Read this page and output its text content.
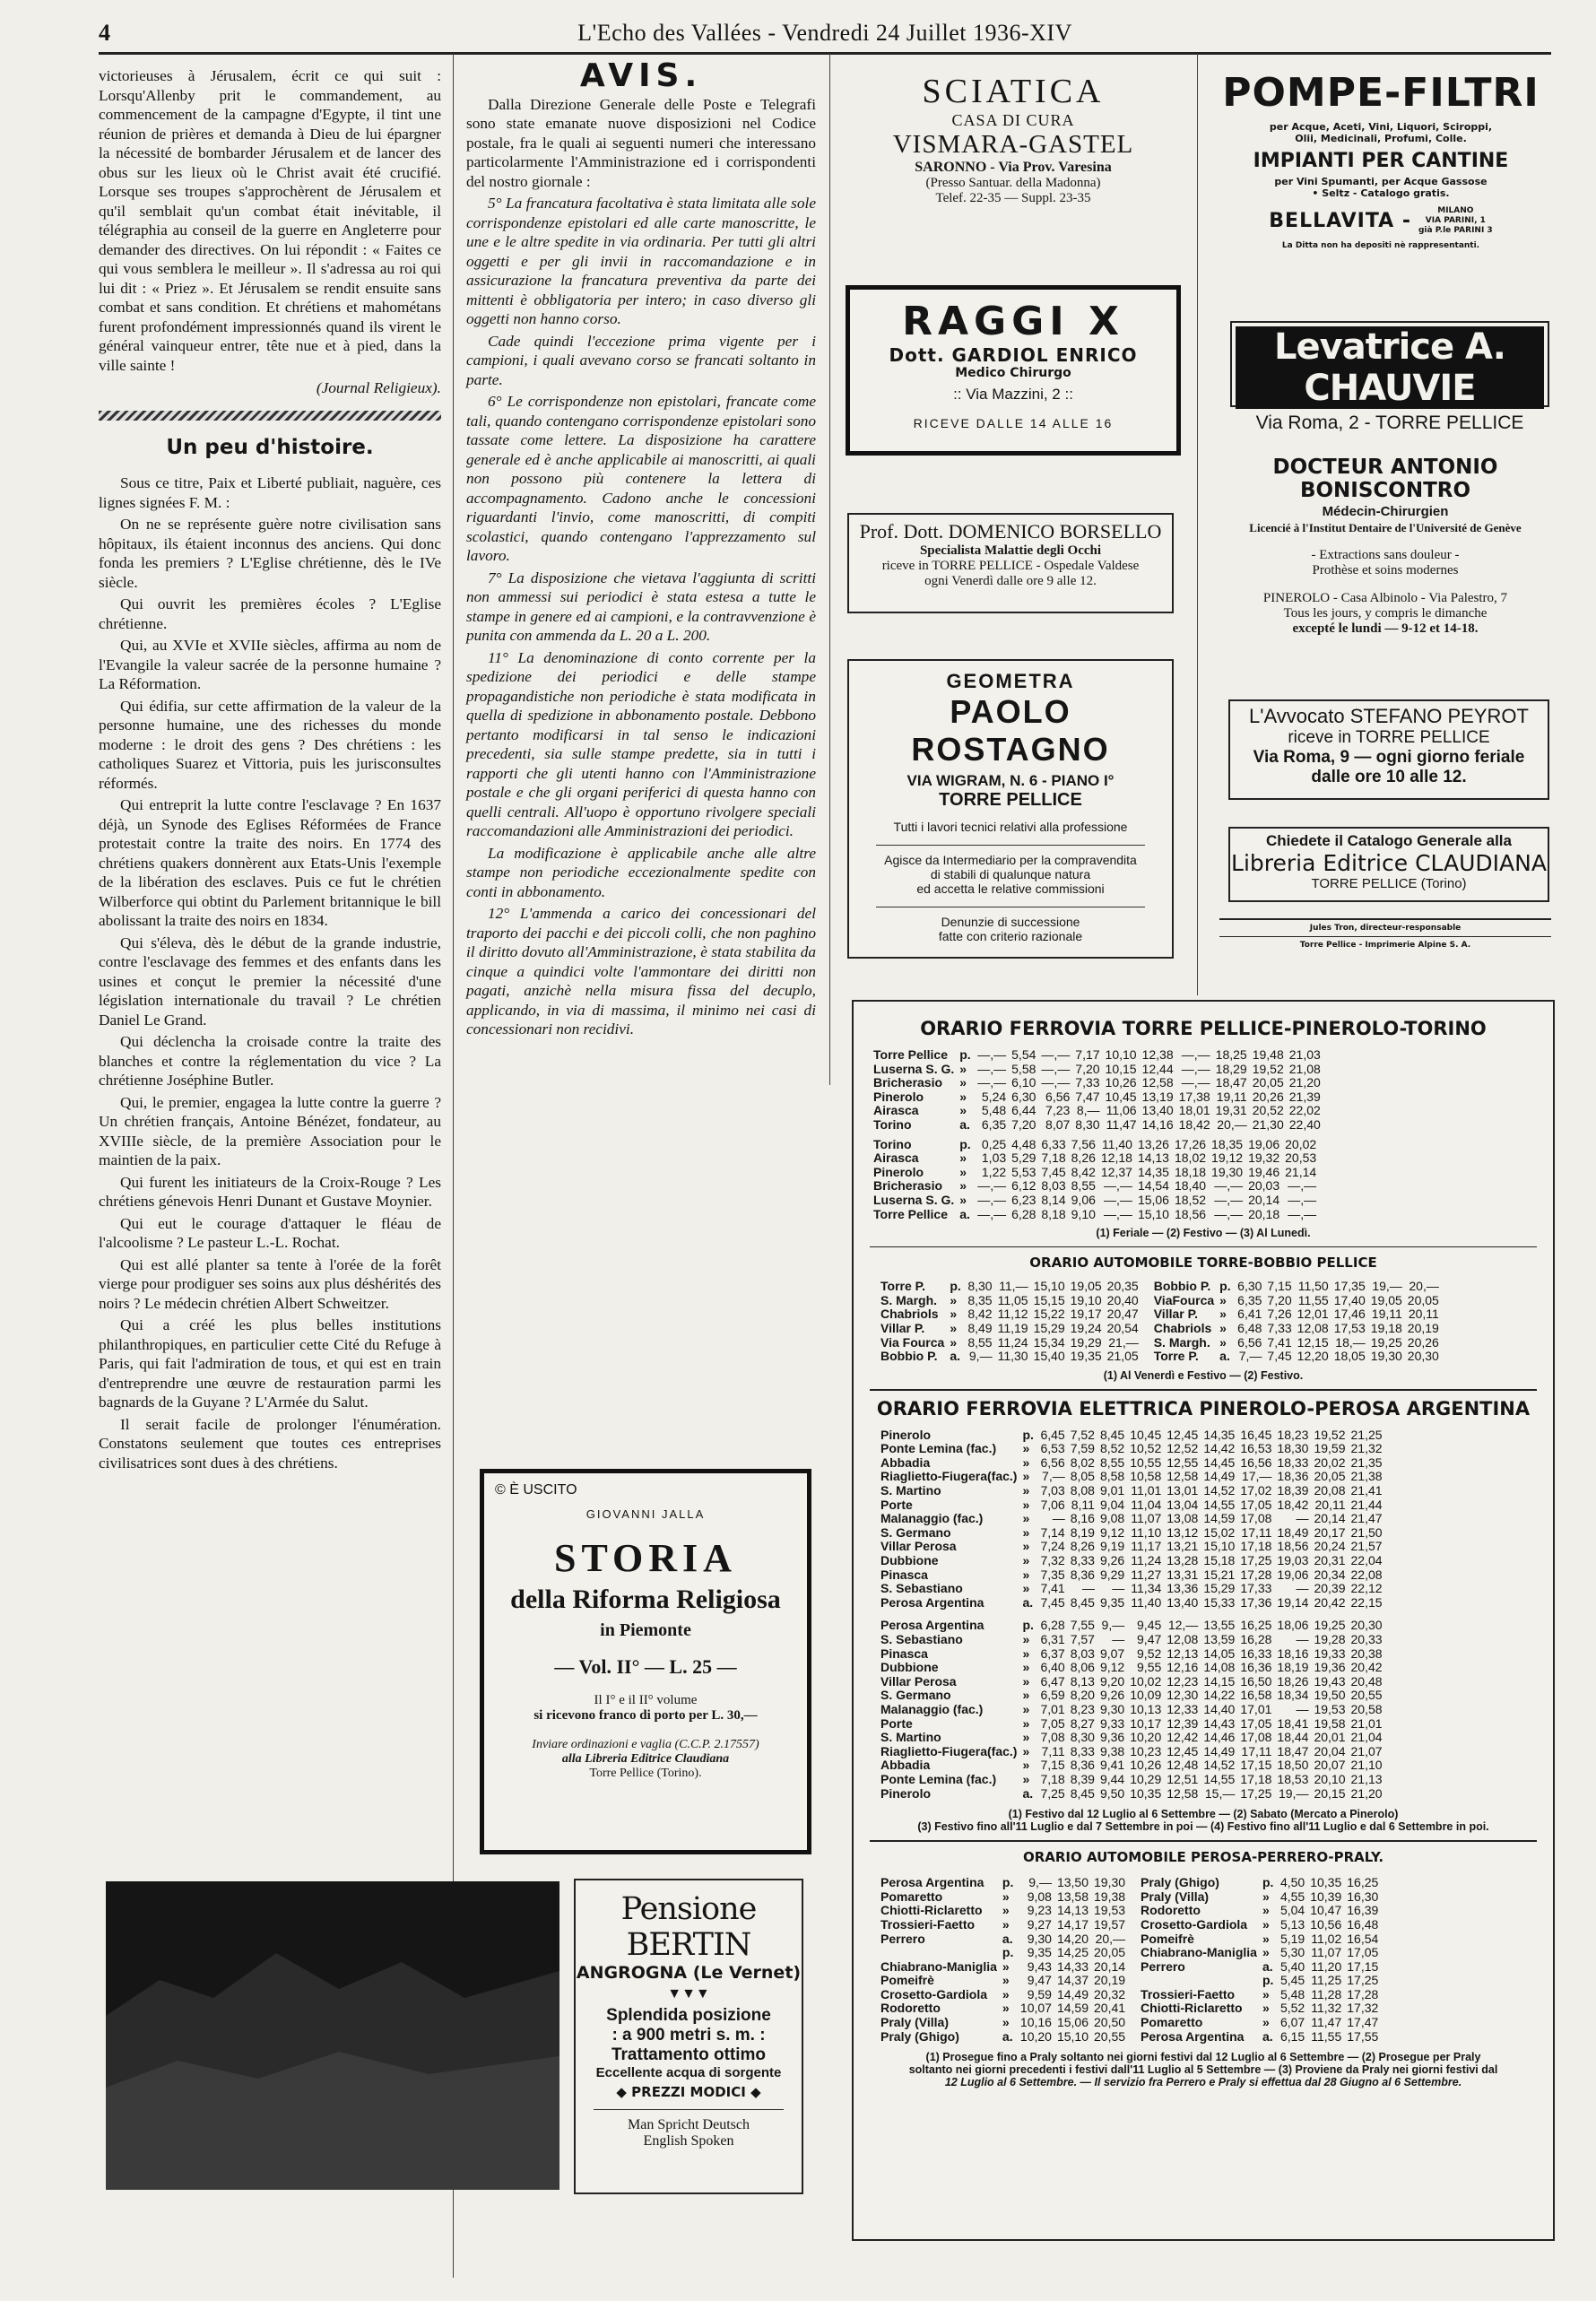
4	L'Echo des Vallées - Vendredi 24 Juillet 1936-XIV

victorieuses à Jérusalem, écrit ce qui suit : Lorsqu'Allenby prit le commandement, au commencement de la campagne d'Egypte, il tint une réunion de prières et demanda à Dieu de lui épargner la nécessité de bombarder Jérusalem et de lancer des obus sur les lieux où le Christ avait été crucifié. Lorsque ses troupes s'approchèrent de Jérusalem et qu'il semblait qu'un combat était inévitable, il télégraphia au conseil de la guerre en Angleterre pour demander des directives. On lui répondit : « Faites ce qui vous semblera le meilleur ». Il s'adressa au roi qui lui dit : « Priez ». Et Jérusalem se rendit ensuite sans combat et sans condition. Et chrétiens et mahométans furent profondément impressionnés quand ils virent le général vainqueur entrer, tête nue et à pied, dans la ville sainte !

(Journal Religieux).

Un peu d'histoire.

Sous ce titre, Paix et Liberté publiait, naguère, ces lignes signées F. M. :

On ne se représente guère notre civilisation sans hôpitaux, ils étaient inconnus des anciens. Qui donc fonda les premiers ? L'Eglise chrétienne, dès le IVe siècle.

Qui ouvrit les premières écoles ? L'Eglise chrétienne.

Qui, au XVIe et XVIIe siècles, affirma au nom de l'Evangile la valeur sacrée de la personne humaine ? La Réformation.

Qui édifia, sur cette affirmation de la valeur de la personne humaine, une des richesses du monde moderne : le droit des gens ? Des chrétiens : les catholiques Suarez et Vittoria, puis les jurisconsultes réformés.

Qui entreprit la lutte contre l'esclavage ? En 1637 déjà, un Synode des Eglises Réformées de France protestait contre la traite des noirs. En 1774 des chrétiens quakers donnèrent aux Etats-Unis l'exemple de la libération des esclaves. Puis ce fut le chrétien Wilberforce qui obtint du Parlement britannique le bill abolissant la traite des noirs en 1834.

Qui s'éleva, dès le début de la grande industrie, contre l'esclavage des femmes et des enfants dans les usines et conçut le premier la nécessité d'une législation internationale du travail ? Le chrétien Daniel Le Grand.

Qui déclencha la croisade contre la traite des blanches et contre la réglementation du vice ? La chrétienne Joséphine Butler.

Qui, le premier, engagea la lutte contre la guerre ? Un chrétien français, Antoine Bénézet, fondateur, au XVIIIe siècle, de la première Association pour le maintien de la paix.

Qui furent les initiateurs de la Croix-Rouge ? Les chrétiens génevois Henri Dunant et Gustave Moynier.

Qui eut le courage d'attaquer le fléau de l'alcoolisme ? Le pasteur L.-L. Rochat.

Qui est allé planter sa tente à l'orée de la forêt vierge pour prodiguer ses soins aux plus déshérités des noirs ? Le médecin chrétien Albert Schweitzer.

Qui a créé les plus belles institutions philanthropiques, en particulier cette Cité du Refuge à Paris, qui fait l'admiration de tous, et qui est en train d'entreprendre une œuvre de restauration parmi les bagnards de la Guyane ? L'Armée du Salut.

Il serait facile de prolonger l'énumération. Constatons seulement que toutes ces entreprises civilisatrices sont dues à des chrétiens.

AVIS.

Dalla Direzione Generale delle Poste e Telegrafi sono state emanate nuove disposizioni nel Codice postale, fra le quali ai seguenti numeri che interessano particolarmente l'Amministrazione ed i corrispondenti del nostro giornale :

5° La francatura facoltativa è stata limitata alle sole corrispondenze epistolari ed alle carte manoscritte, le une e le altre spedite in via ordinaria. Per tutti gli altri oggetti e per gli invii in raccomandazione e in assicurazione la francatura preventiva da parte dei mittenti è obbligatoria per intero; in caso diverso gli oggetti non hanno corso.

Cade quindi l'eccezione prima vigente per i campioni, i quali avevano corso se francati soltanto in parte.

6° Le corrispondenze non epistolari, francate come tali, quando contengano corrispondenze epistolari sono tassate come lettere. La disposizione ha carattere generale ed è anche applicabile ai manoscritti, ai quali non possono più contenere la lettera di accompagnamento. Cadono anche le concessioni riguardanti l'invio, come manoscritti, di compiti scolastici, quando contengano l'apprezzamento sul lavoro.

7° La disposizione che vietava l'aggiunta di scritti non ammessi sui periodici è stata estesa a tutte le stampe in genere ed ai campioni, e la contravvenzione è punita con ammenda da L. 20 a L. 200.

11° La denominazione di conto corrente per la spedizione dei periodici e delle stampe propagandistiche non periodiche è stata modificata in quella di spedizione in abbonamento postale. Debbono pertanto modificarsi in tal senso le indicazioni precedenti, sia sulle stampe predette, sia in tutti i rapporti che gli utenti hanno con l'Amministrazione postale e che gli organi periferici di questa hanno con quelli centrali. All'uopo è opportuno rivolgere speciali raccomandazioni alle Amministrazioni dei periodici.

La modificazione è applicabile anche alle altre stampe non periodiche eccezionalmente spedite con conti in abbonamento.

12° L'ammenda a carico dei concessionari del traporto dei pacchi e dei piccoli colli, che non paghino il diritto dovuto all'Amministrazione, è stata stabilita da cinque a quindici volte l'ammontare dei diritti non pagati, anzichè nella misura fissa del decuplo, applicando, in via di massima, il minimo nei casi di concessionari non recidivi.

© È USCITO
GIOVANNI JALLA
STORIA
della Riforma Religiosa
in Piemonte
— Vol. II° — L. 25 —
Il I° e il II° volume
si ricevono franco di porto per L. 30,—
Inviare ordinazioni e vaglia (C.C.P. 2.17557)
alla Libreria Editrice Claudiana
Torre Pellice (Torino).
SCIATICA
CASA DI CURA
VISMARA-GASTEL
SARONNO - Via Prov. Varesina
(Presso Santuar. della Madonna)
Telef. 22-35 — Suppl. 23-35
RAGGI X
Dott. GARDIOL ENRICO
Medico Chirurgo
:: Via Mazzini, 2 ::
RICEVE DALLE 14 ALLE 16
Prof. Dott. DOMENICO BORSELLO
Specialista Malattie degli Occhi
riceve in TORRE PELLICE - Ospedale Valdese
ogni Venerdì dalle ore 9 alle 12.
GEOMETRA
PAOLO ROSTAGNO
VIA WIGRAM, N. 6 - PIANO I°
TORRE PELLICE
Tutti i lavori tecnici relativi alla professione
Agisce da Intermediario per la compravendita
di stabili di qualunque natura
ed accetta le relative commissioni
Denunzie di successione
fatte con criterio razionale
POMPE-FILTRI
per Acque, Aceti, Vini, Liquori, Sciroppi,
Olii, Medicinali, Profumi, Colle.
IMPIANTI PER CANTINE
per Vini Spumanti, per Acque Gassose
• Seltz - Catalogo gratis.
BELLAVITA -	MILANO
VIA PARINI, 1
già P.le PARINI 3
La Ditta non ha depositi nè rappresentanti.
Levatrice A. CHAUVIE
Via Roma, 2 - TORRE PELLICE
DOCTEUR ANTONIO BONISCONTRO
Médecin-Chirurgien
Licencié à l'Institut Dentaire de l'Université de Genève
- Extractions sans douleur -
Prothèse et soins modernes
PINEROLO - Casa Albinolo - Via Palestro, 7
Tous les jours, y compris le dimanche
excepté le lundi — 9-12 et 14-18.
L'Avvocato STEFANO PEYROT
riceve in TORRE PELLICE
Via Roma, 9 — ogni giorno feriale
dalle ore 10 alle 12.
Chiedete il Catalogo Generale alla
Libreria Editrice CLAUDIANA
TORRE PELLICE (Torino)
Jules Tron, directeur-responsable
Torre Pellice - Imprimerie Alpine S. A.
ORARIO FERROVIA TORRE PELLICE-PINEROLO-TORINO
Torre Pellice	p.	—,—	5,54	—,—	7,17	10,10	12,38	—,—	18,25	19,48	21,03
Luserna S. G.	»	—,—	5,58	—,—	7,20	10,15	12,44	—,—	18,29	19,52	21,08
Bricherasio	»	—,—	6,10	—,—	7,33	10,26	12,58	—,—	18,47	20,05	21,20
Pinerolo	»	5,24	6,30	6,56	7,47	10,45	13,19	17,38	19,11	20,26	21,39
Airasca	»	5,48	6,44	7,23	8,—	11,06	13,40	18,01	19,31	20,52	22,02
Torino	a.	6,35	7,20	8,07	8,30	11,47	14,16	18,42	20,—	21,30	22,40
Torino	p.	0,25	4,48	6,33	7,56	11,40	13,26	17,26	18,35	19,06	20,02
Airasca	»	1,03	5,29	7,18	8,26	12,18	14,13	18,02	19,12	19,32	20,53
Pinerolo	»	1,22	5,53	7,45	8,42	12,37	14,35	18,18	19,30	19,46	21,14
Bricherasio	»	—,—	6,12	8,03	8,55	—,—	14,54	18,40	—,—	20,03	—,—
Luserna S. G.	»	—,—	6,23	8,14	9,06	—,—	15,06	18,52	—,—	20,14	—,—
Torre Pellice	a.	—,—	6,28	8,18	9,10	—,—	15,10	18,56	—,—	20,18	—,—
(1) Feriale — (2) Festivo — (3) Al Lunedì.
ORARIO AUTOMOBILE TORRE-BOBBIO PELLICE
Torre P.	p.	8,30	11,—	15,10	19,05	20,35	Bobbio P.	p.	6,30	7,15	11,50	17,35	19,—	20,—
S. Margh.	»	8,35	11,05	15,15	19,10	20,40	ViaFourca	»	6,35	7,20	11,55	17,40	19,05	20,05
Chabriols	»	8,42	11,12	15,22	19,17	20,47	Villar P.	»	6,41	7,26	12,01	17,46	19,11	20,11
Villar P.	»	8,49	11,19	15,29	19,24	20,54	Chabriols	»	6,48	7,33	12,08	17,53	19,18	20,19
Via Fourca	»	8,55	11,24	15,34	19,29	21,—	S. Margh.	»	6,56	7,41	12,15	18,—	19,25	20,26
Bobbio P.	a.	9,—	11,30	15,40	19,35	21,05	Torre P.	a.	7,—	7,45	12,20	18,05	19,30	20,30
(1) Al Venerdì e Festivo — (2) Festivo.
ORARIO FERROVIA ELETTRICA PINEROLO-PEROSA ARGENTINA
Pinerolo	p.	6,45	7,52	8,45	10,45	12,45	14,35	16,45	18,23	19,52	21,25
Ponte Lemina (fac.)	»	6,53	7,59	8,52	10,52	12,52	14,42	16,53	18,30	19,59	21,32
Abbadia	»	6,56	8,02	8,55	10,55	12,55	14,45	16,56	18,33	20,02	21,35
Riaglietto-Fiugera(fac.)	»	7,—	8,05	8,58	10,58	12,58	14,49	17,—	18,36	20,05	21,38
S. Martino	»	7,03	8,08	9,01	11,01	13,01	14,52	17,02	18,39	20,08	21,41
Porte	»	7,06	8,11	9,04	11,04	13,04	14,55	17,05	18,42	20,11	21,44
Malanaggio (fac.)	»	—	8,16	9,08	11,07	13,08	14,59	17,08	—	20,14	21,47
S. Germano	»	7,14	8,19	9,12	11,10	13,12	15,02	17,11	18,49	20,17	21,50
Villar Perosa	»	7,24	8,26	9,19	11,17	13,21	15,10	17,18	18,56	20,24	21,57
Dubbione	»	7,32	8,33	9,26	11,24	13,28	15,18	17,25	19,03	20,31	22,04
Pinasca	»	7,35	8,36	9,29	11,27	13,31	15,21	17,28	19,06	20,34	22,08
S. Sebastiano	»	7,41	—	—	11,34	13,36	15,29	17,33	—	20,39	22,12
Perosa Argentina	a.	7,45	8,45	9,35	11,40	13,40	15,33	17,36	19,14	20,42	22,15
Perosa Argentina	p.	6,28	7,55	9,—	9,45	12,—	13,55	16,25	18,06	19,25	20,30
S. Sebastiano	»	6,31	7,57	—	9,47	12,08	13,59	16,28	—	19,28	20,33
Pinasca	»	6,37	8,03	9,07	9,52	12,13	14,05	16,33	18,16	19,33	20,38
Dubbione	»	6,40	8,06	9,12	9,55	12,16	14,08	16,36	18,19	19,36	20,42
Villar Perosa	»	6,47	8,13	9,20	10,02	12,23	14,15	16,50	18,26	19,43	20,48
S. Germano	»	6,59	8,20	9,26	10,09	12,30	14,22	16,58	18,34	19,50	20,55
Malanaggio (fac.)	»	7,01	8,23	9,30	10,13	12,33	14,40	17,01	—	19,53	20,58
Porte	»	7,05	8,27	9,33	10,17	12,39	14,43	17,05	18,41	19,58	21,01
S. Martino	»	7,08	8,30	9,36	10,20	12,42	14,46	17,08	18,44	20,01	21,04
Riaglietto-Fiugera(fac.)	»	7,11	8,33	9,38	10,23	12,45	14,49	17,11	18,47	20,04	21,07
Abbadia	»	7,15	8,36	9,41	10,26	12,48	14,52	17,15	18,50	20,07	21,10
Ponte Lemina (fac.)	»	7,18	8,39	9,44	10,29	12,51	14,55	17,18	18,53	20,10	21,13
Pinerolo	a.	7,25	8,45	9,50	10,35	12,58	15,—	17,25	19,—	20,15	21,20
(1) Festivo dal 12 Luglio al 6 Settembre — (2) Sabato (Mercato a Pinerolo)
(3) Festivo fino all'11 Luglio e dal 7 Settembre in poi — (4) Festivo fino all'11 Luglio e dal 6 Settembre in poi.
ORARIO AUTOMOBILE PEROSA-PERRERO-PRALY.
Perosa Argentina	p.	9,—	13,50	19,30	Praly (Ghigo)	p.	4,50	10,35	16,25
Pomaretto	»	9,08	13,58	19,38	Praly (Villa)	»	4,55	10,39	16,30
Chiotti-Riclaretto	»	9,23	14,13	19,53	Rodoretto	»	5,04	10,47	16,39
Trossieri-Faetto	»	9,27	14,17	19,57	Crosetto-Gardiola	»	5,13	10,56	16,48
Perrero	a.	9,30	14,20	20,—	Pomeifrè	»	5,19	11,02	16,54
	p.	9,35	14,25	20,05	Chiabrano-Maniglia	»	5,30	11,07	17,05
Chiabrano-Maniglia	»	9,43	14,33	20,14	Perrero	a.	5,40	11,20	17,15
Pomeifrè	»	9,47	14,37	20,19		p.	5,45	11,25	17,25
Crosetto-Gardiola	»	9,59	14,49	20,32	Trossieri-Faetto	»	5,48	11,28	17,28
Rodoretto	»	10,07	14,59	20,41	Chiotti-Riclaretto	»	5,52	11,32	17,32
Praly (Villa)	»	10,16	15,06	20,50	Pomaretto	»	6,07	11,47	17,47
Praly (Ghigo)	a.	10,20	15,10	20,55	Perosa Argentina	a.	6,15	11,55	17,55
(1) Prosegue fino a Praly soltanto nei giorni festivi dal 12 Luglio al 6 Settembre — (2) Prosegue per Praly
soltanto nei giorni precedenti i festivi dall'11 Luglio al 5 Settembre — (3) Proviene da Praly nei giorni festivi dal
12 Luglio al 6 Settembre. — Il servizio fra Perrero e Praly si effettua dal 28 Giugno al 6 Settembre.
Pensione BERTIN
ANGROGNA (Le Vernet)
▼▼▼
Splendida posizione
: a 900 metri s. m. :
Trattamento ottimo
Eccellente acqua di sorgente
◆ PREZZI MODICI ◆
Man Spricht Deutsch
English Spoken
